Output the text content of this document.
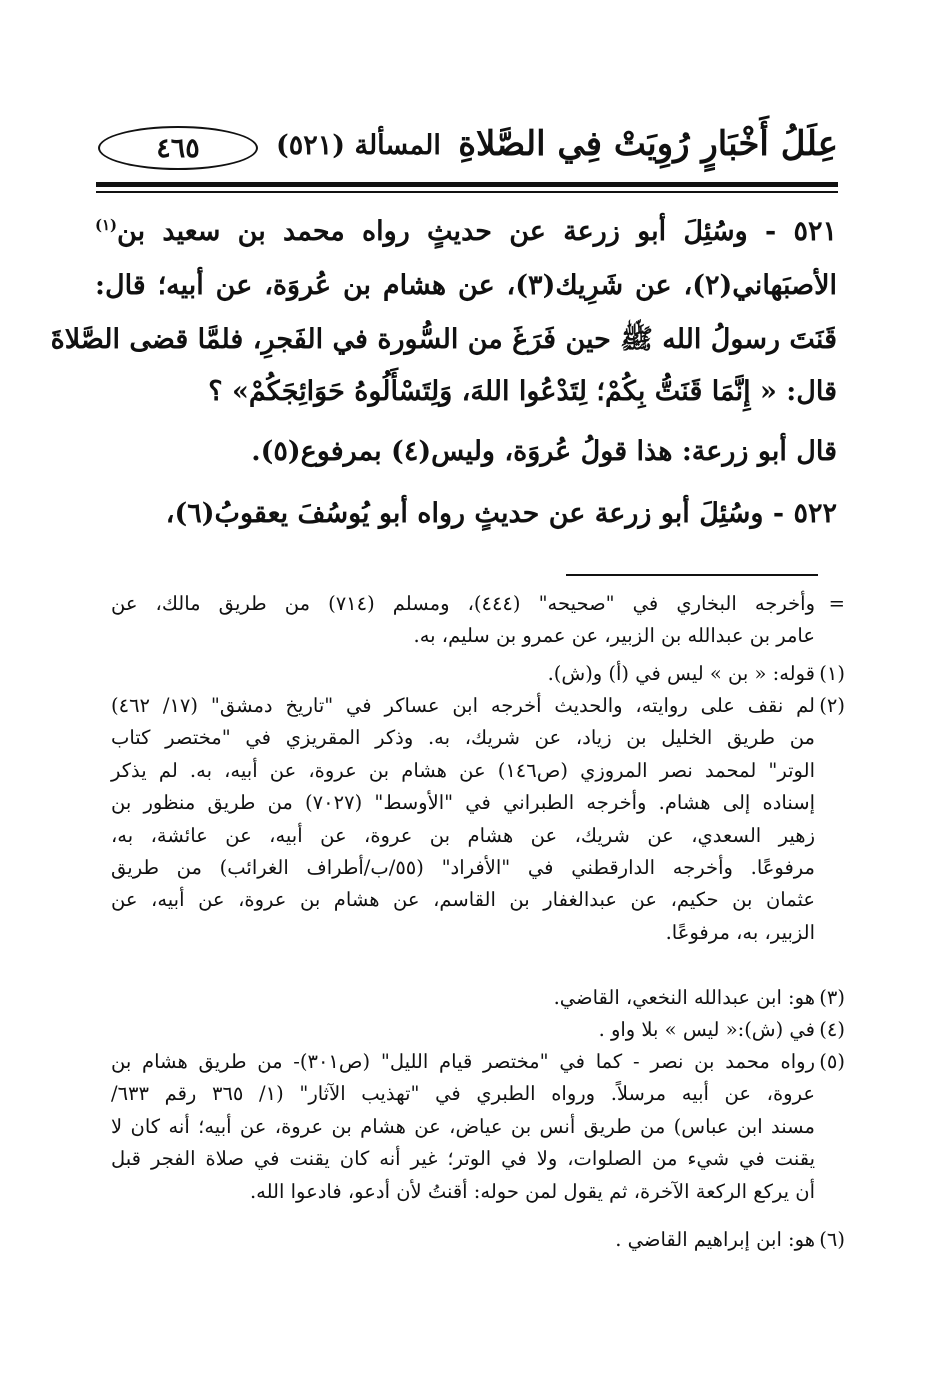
عِلَلُ أَخْبَارٍ رُوِيَتْ فِي الصَّلاةِ
المسألة (٥٢١)
٤٦٥
٥٢١ - وسُئِلَ أبو زرعة عن حديثٍ رواه محمد بن سعيد بن$^{(١)}$
الأصبَهاني(٢)، عن شَرِيك(٣)، عن هشام بن عُروَة، عن أبيه؛ قال:
قَنَتَ رسولُ الله ﷺ حين فَرَغَ من السُّورة في الفَجرِ، فلمَّا قضى الصَّلاةَ
قال: « إِنَّمَا قَنَتُّ بِكُمْ؛ لِتَدْعُوا اللهَ، وَلِتَسْأَلُوهُ حَوَائِجَكُمْ» ؟
قال أبو زرعة: هذا قولُ عُروَة، وليس(٤) بمرفوع(٥).
٥٢٢ - وسُئِلَ أبو زرعة عن حديثٍ رواه أبو يُوسُفَ يعقوبُ(٦)،
=
وأخرجه البخاري في "صحيحه" (٤٤٤)، ومسلم (٧١٤) من طريق مالك، عن
عامر بن عبدالله بن الزبير، عن عمرو بن سليم، به.
(١)
قوله: « بن » ليس في (أ) و(ش).
(٢)
لم نقف على روايته، والحديث أخرجه ابن عساكر في "تاريخ دمشق" (١٧/ ٤٦٢)
من طريق الخليل بن زياد، عن شريك، به. وذكر المقريزي في "مختصر كتاب
الوتر" لمحمد نصر المروزي (ص١٤٦) عن هشام بن عروة، عن أبيه، به. لم يذكر
إسناده إلى هشام. وأخرجه الطبراني في "الأوسط" (٧٠٢٧) من طريق منظور بن
زهير السعدي، عن شريك، عن هشام بن عروة، عن أبيه، عن عائشة، به،
مرفوعًا. وأخرجه الدارقطني في "الأفراد" (٥٥/ب/أطراف الغرائب) من طريق
عثمان بن حكيم، عن عبدالغفار بن القاسم، عن هشام بن عروة، عن أبيه، عن
الزبير، به، مرفوعًا.
(٣)
هو: ابن عبدالله النخعي، القاضي.
(٤)
في (ش):« ليس » بلا واو .
(٥)
رواه محمد بن نصر - كما في "مختصر قيام الليل" (ص٣٠١)- من طريق هشام بن
عروة، عن أبيه مرسلاً. ورواه الطبري في "تهذيب الآثار" (١/ ٣٦٥ رقم ٦٣٣/
مسند ابن عباس) من طريق أنس بن عياض، عن هشام بن عروة، عن أبيه؛ أنه كان لا
يقنت في شيء من الصلوات، ولا في الوتر؛ غير أنه كان يقنت في صلاة الفجر قبل
أن يركع الركعة الآخرة، ثم يقول لمن حوله: أقنتُ لأن أدعو، فادعوا الله.
(٦)
هو: ابن إبراهيم القاضي .
